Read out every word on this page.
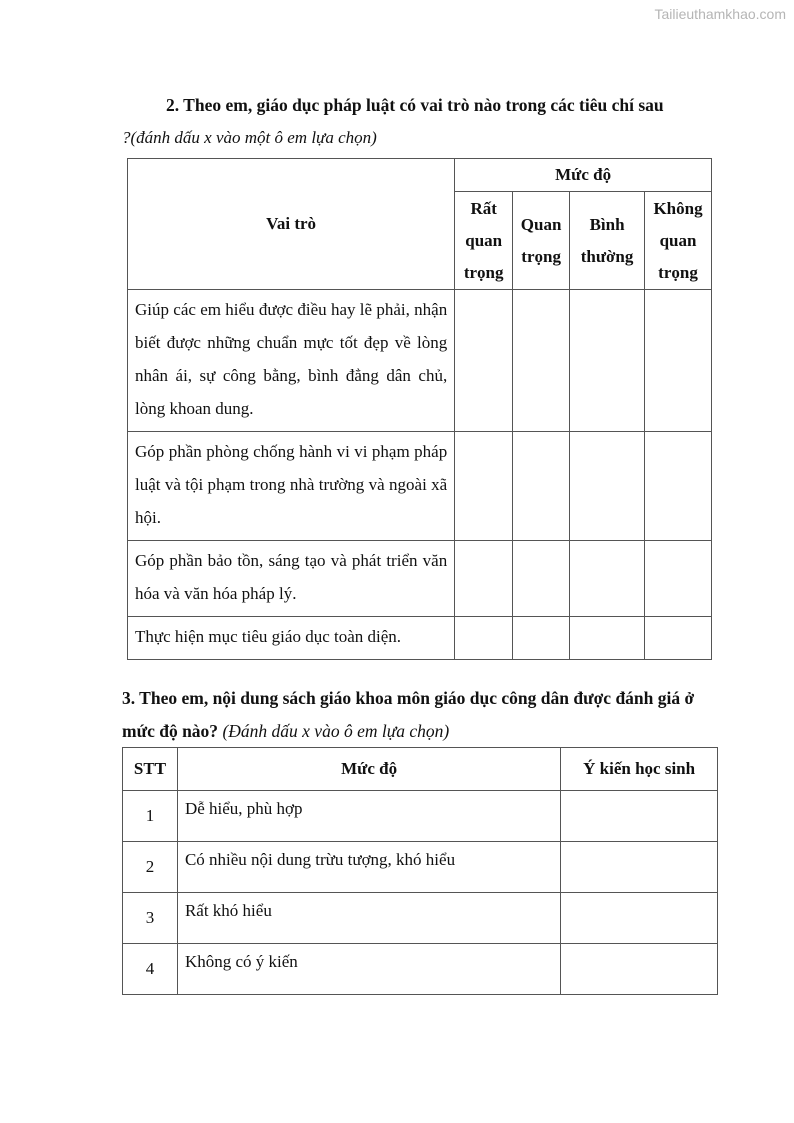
Tailieuthamkhao.com
2. Theo em, giáo dục pháp luật có vai trò nào trong các tiêu chí sau
?(đánh dấu x vào một ô em lựa chọn)
Vai trò	Mức độ			
	Rất quan trọng	Quan trọng	Bình thường	Không quan trọng
Giúp các em hiểu được điều hay lẽ phải, nhận biết được những chuẩn mực tốt đẹp về lòng nhân ái, sự công bằng, bình đẳng dân chủ, lòng khoan dung.				
Góp phần phòng chống hành vi vi phạm pháp luật và tội phạm trong nhà trường và ngoài xã hội.				
Góp phần bảo tồn, sáng tạo và phát triển văn hóa và văn hóa pháp lý.				
Thực hiện mục tiêu giáo dục toàn diện.				
3. Theo em, nội dung sách giáo khoa môn giáo dục công dân được đánh giá ở mức độ nào? (Đánh dấu x vào ô em lựa chọn)
STT	Mức độ	Ý kiến học sinh
1	Dễ hiểu, phù hợp	
2	Có nhiều nội dung trừu tượng, khó hiểu	
3	Rất khó hiểu	
4	Không có ý kiến	
